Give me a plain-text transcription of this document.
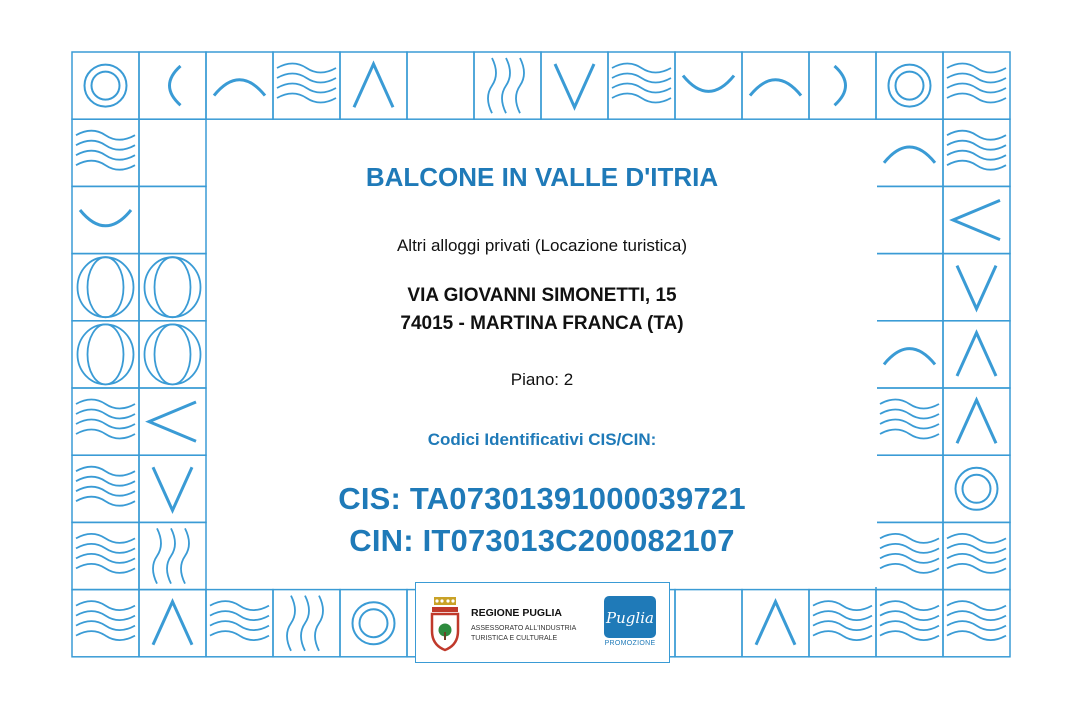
BALCONE IN VALLE D'ITRIA
Altri alloggi privati (Locazione turistica)
VIA GIOVANNI SIMONETTI, 15
74015 - MARTINA FRANCA (TA)
Piano: 2
Codici Identificativi CIS/CIN:
CIS: TA07301391000039721
CIN: IT073013C200082107
REGIONE PUGLIA
ASSESSORATO ALL'INDUSTRIA
TURISTICA E CULTURALE
Puglia
PROMOZIONE
